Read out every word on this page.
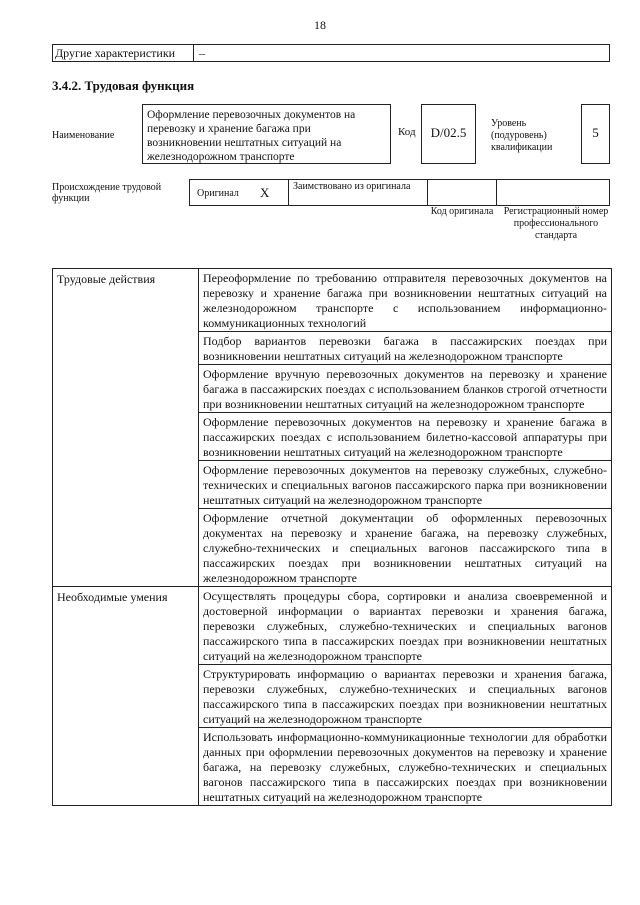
18
Другие характеристики	–
3.4.2. Трудовая функция
Наименование
Оформление перевозочных документов на перевозку и хранение багажа при возникновении нештатных ситуаций на железнодорожном транспорте
Код	D/02.5
Уровень (подуровень) квалификации
5
Происхождение трудовой функции	Оригинал X	Заимствовано из оригинала
Код оригинала	Регистрационный номер профессионального стандарта
Трудовые действия	Переоформление по требованию отправителя перевозочных документов на перевозку и хранение багажа при возникновении нештатных ситуаций на железнодорожном транспорте с использованием информационно-коммуникационных технологий
	Подбор вариантов перевозки багажа в пассажирских поездах при возникновении нештатных ситуаций на железнодорожном транспорте
	Оформление вручную перевозочных документов на перевозку и хранение багажа в пассажирских поездах с использованием бланков строгой отчетности при возникновении нештатных ситуаций на железнодорожном транспорте
	Оформление перевозочных документов на перевозку и хранение багажа в пассажирских поездах с использованием билетно-кассовой аппаратуры при возникновении нештатных ситуаций на железнодорожном транспорте
	Оформление перевозочных документов на перевозку служебных, служебно-технических и специальных вагонов пассажирского парка при возникновении нештатных ситуаций на железнодорожном транспорте
	Оформление отчетной документации об оформленных перевозочных документах на перевозку и хранение багажа, на перевозку служебных, служебно-технических и специальных вагонов пассажирского типа в пассажирских поездах при возникновении нештатных ситуаций на железнодорожном транспорте
Необходимые умения	Осуществлять процедуры сбора, сортировки и анализа своевременной и достоверной информации о вариантах перевозки и хранения багажа, перевозки служебных, служебно-технических и специальных вагонов пассажирского типа в пассажирских поездах при возникновении нештатных ситуаций на железнодорожном транспорте
	Структурировать информацию о вариантах перевозки и хранения багажа, перевозки служебных, служебно-технических и специальных вагонов пассажирского типа в пассажирских поездах при возникновении нештатных ситуаций на железнодорожном транспорте
	Использовать информационно-коммуникационные технологии для обработки данных при оформлении перевозочных документов на перевозку и хранение багажа, на перевозку служебных, служебно-технических и специальных вагонов пассажирского типа в пассажирских поездах при возникновении нештатных ситуаций на железнодорожном транспорте
